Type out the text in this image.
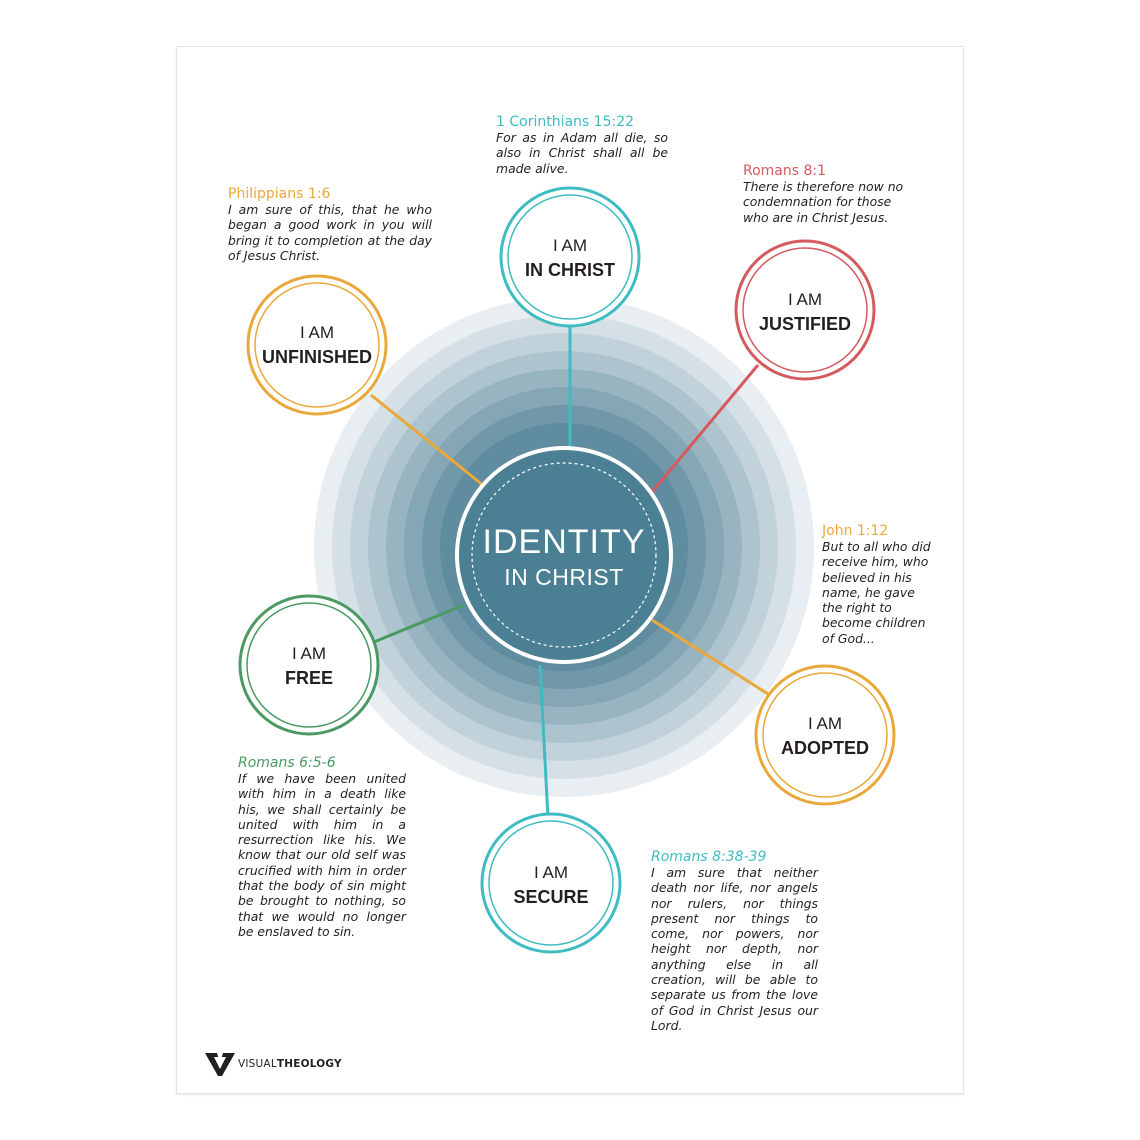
IDENTITY
IN CHRIST
I AM
IN CHRIST
I AM
JUSTIFIED
I AM
UNFINISHED
I AM
FREE
I AM
ADOPTED
I AM
SECURE
1 Corinthians 15:22
For as in Adam all die, so also in Christ shall all be made alive.	Romans 8:1
There is therefore now no condemnation for those who are in Christ Jesus.
Philippians 1:6
I am sure of this, that he who began a good work in you will bring it to completion at the day of Jesus Christ.
John 1:12
But to all who did receive him, who believed in his name, he gave the right to become children of God...
Romans 6:5-6
If we have been united with him in a death like his, we shall certainly be united with him in a resurrection like his. We know that our old self was crucified with him in order that the body of sin might be brought to nothing, so that we would no longer be enslaved to sin.
Romans 8:38-39
I am sure that neither death nor life, nor angels nor rulers, nor things present nor things to come, nor powers, nor height nor depth, nor anything else in all creation, will be able to separate us from the love of God in Christ Jesus our Lord.
VISUALTHEOLOGY
